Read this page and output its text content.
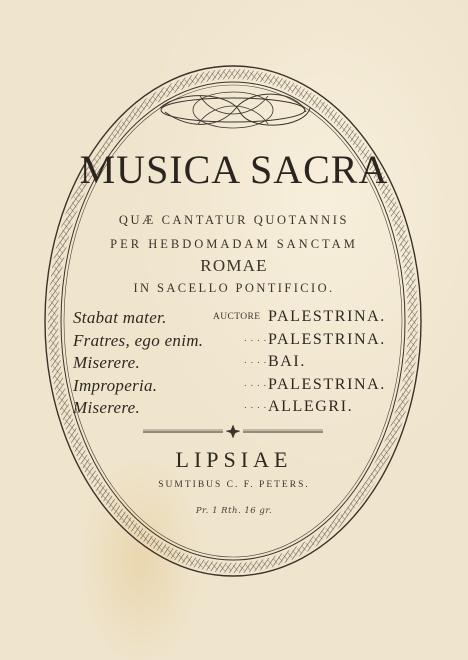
MUSICA SACRA
QUÆ CANTATUR QUOTANNIS
PER HEBDOMADAM SANCTAM
ROMAE
IN SACELLO PONTIFICIO.
Stabat mater.	AUCTORE PALESTRINA.
Fratres, ego enim.	. . . . PALESTRINA.
Miserere.	. . . . BAI.
Improperia.	. . . . PALESTRINA.
Miserere.	. . . . ALLEGRI.
LIPSIAE
SUMTIBUS C. F. PETERS.
Pr. 1 Rth. 16 gr.
